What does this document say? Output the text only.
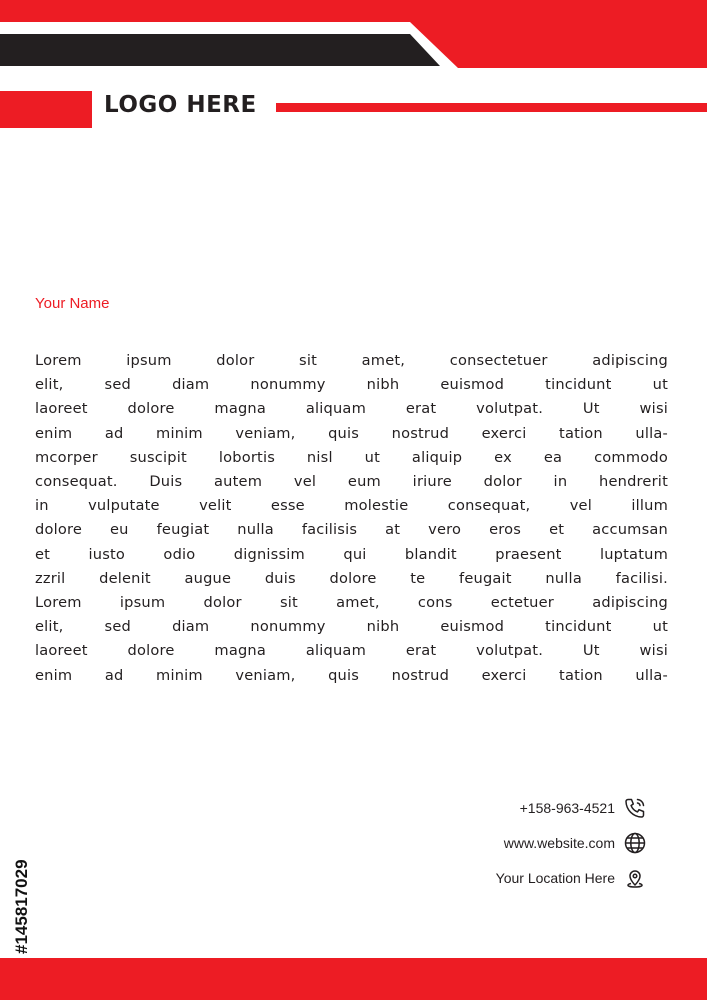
LOGO HERE
Your Name
Lorem ipsum dolor sit amet, consectetuer adipiscing
elit, sed diam nonummy nibh euismod tincidunt ut
laoreet dolore magna aliquam erat volutpat. Ut wisi
enim ad minim veniam, quis nostrud exerci tation ulla-
mcorper suscipit lobortis nisl ut aliquip ex ea commodo
consequat. Duis autem vel eum iriure dolor in hendrerit
in vulputate velit esse molestie consequat, vel illum
dolore eu feugiat nulla facilisis at vero eros et accumsan
et iusto odio dignissim qui blandit praesent luptatum
zzril delenit augue duis dolore te feugait nulla facilisi.
Lorem ipsum dolor sit amet, cons ectetuer adipiscing
elit, sed diam nonummy nibh euismod tincidunt ut
laoreet dolore magna aliquam erat volutpat. Ut wisi
enim ad minim veniam, quis nostrud exerci tation ulla-
+158-963-4521
www.website.com
Your Location Here
#145817029
